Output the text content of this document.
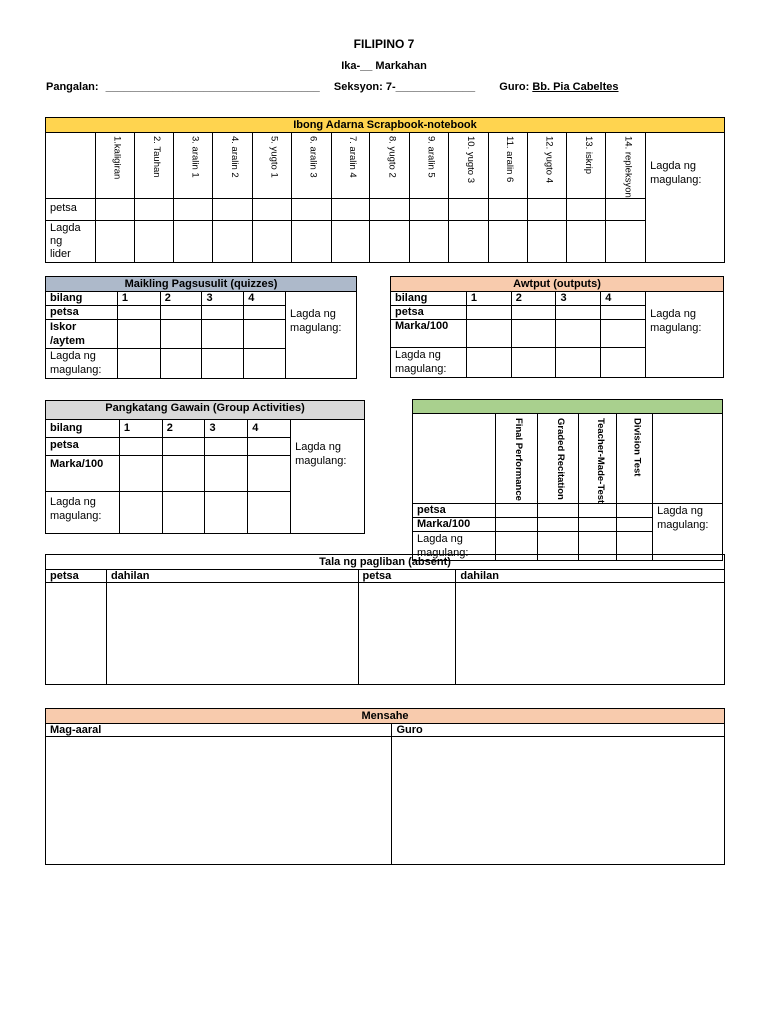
FILIPINO 7
Ika-__ Markahan
Pangalan: ___________________________________ Seksyon: 7-_____________ Guro: Bb. Pia Cabeltes
Ibong Adarna Scrapbook-notebook															

	1.kaligiran	2. Tauhan	3. aralin 1	4. aralin 2	5. yugto 1	6. aralin 3	7. aralin 4	8. yugto 2	9. aralin 5	10. yugto 3	11. aralin 6	12. yugto 4	13. iskrip	14. repleksyon	Lagda ng magulang:
petsa															
Lagda ng lider															
Maikling Pagsusulit (quizzes)					
bilang	1	2	3	4	Lagda ng magulang:
petsa					
Iskor /aytem					
Lagda ng magulang:					
Awtput (outputs)					
bilang	1	2	3	4	Lagda ng magulang:
petsa					
Marka/100					
Lagda ng magulang:					
Pangkatang Gawain (Group Activities)					
bilang	1	2	3	4	Lagda ng magulang:
petsa					
Marka/100					
Lagda ng magulang:					

	Final Performance	Graded Recitation	Teacher-Made-Test	Division Test	

petsa					Lagda ng magulang:
Marka/100					
Lagda ng magulang:					
Tala ng pagliban (absent)			
petsa	dahilan	petsa	dahilan

Mensahe	
Mag-aaral	Guro
